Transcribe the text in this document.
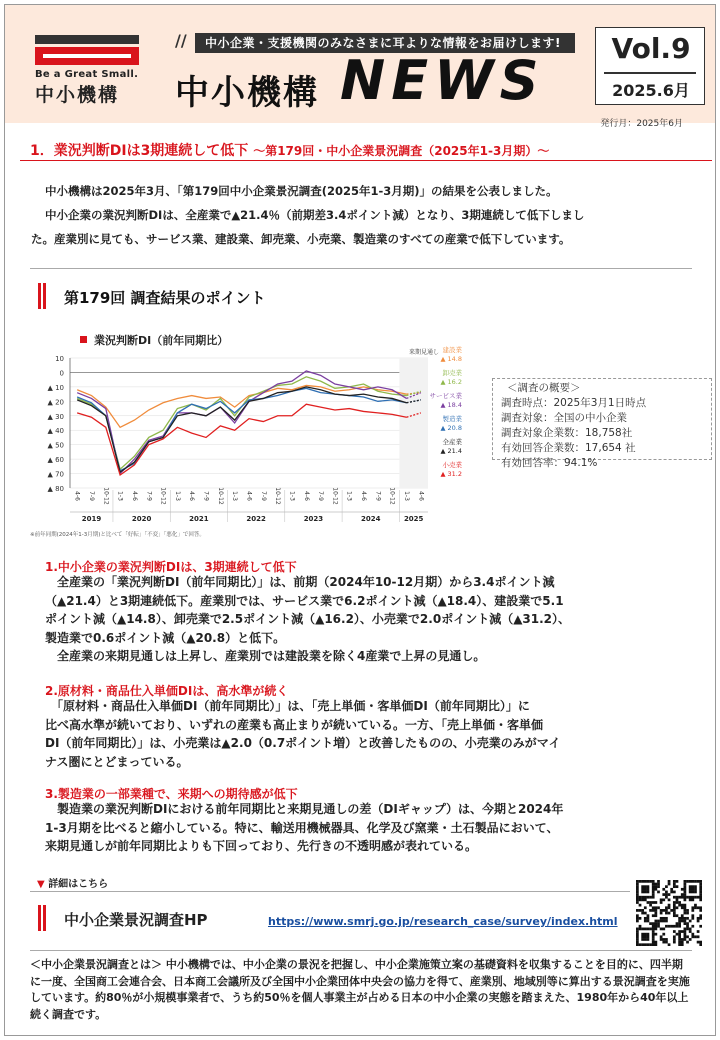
Be a Great Small.
中小機構
//	中小企業・支援機関のみなさまに耳よりな情報をお届けします!
中小機構 NEWS
Vol.9
2025.6月
発行月：2025年6月
1．業況判断DIは3期連続して低下 ～第179回・中小企業景況調査（2025年1-3月期）～
中小機構は2025年3月、「第179回中小企業景況調査(2025年1-3月期)」の結果を公表しました。
中小企業の業況判断DIは、全産業で▲21.4％（前期差3.4ポイント減）となり、3期連続して低下しまし
た。産業別に見ても、サービス業、建設業、卸売業、小売業、製造業のすべての産業で低下しています。
第179回 調査結果のポイント
業況判断DI（前年同期比）
10
0
▲ 10
▲ 20
▲ 30
▲ 40
▲ 50
▲ 60
▲ 70
▲ 80
4-6 7-9 10-12 1-3 4-6 7-9 10-12 1-3 4-6 7-9 10-12 1-3 4-6 7-9 10-12 1-3 4-6 7-9 10-12 1-3 4-6 7-9 10-12 1-3 4-6
2019	2020	2021	2022	2023	2024	2025
来期見通し 建設業
▲ 14.8
卸売業
▲ 16.2
サービス業
▲ 18.4
製造業
▲ 20.8
全産業
▲ 21.4
小売業
▲ 31.2
※前年同期(2024年1-3月期)と比べて「好転」「不変」「悪化」で回答。
＜調査の概要＞
調査時点：2025年3月1日時点
調査対象：全国の中小企業
調査対象企業数：18,758社
有効回答企業数：17,654 社
有効回答率：94.1%
1.中小企業の業況判断DIは、3期連続して低下
　全産業の「業況判断DI（前年同期比）」は、前期（2024年10-12月期）から3.4ポイント減
（▲21.4）と3期連続低下。産業別では、サービス業で6.2ポイント減（▲18.4）、建設業で5.1
ポイント減（▲14.8）、卸売業で2.5ポイント減（▲16.2）、小売業で2.0ポイント減（▲31.2）、
製造業で0.6ポイント減（▲20.8）と低下。
　全産業の来期見通しは上昇し、産業別では建設業を除く4産業で上昇の見通し。
2.原材料・商品仕入単価DIは、高水準が続く
　「原材料・商品仕入単価DI（前年同期比）」は、「売上単価・客単価DI（前年同期比）」に
比べ高水準が続いており、いずれの産業も高止まりが続いている。一方、「売上単価・客単価
DI（前年同期比）」は、小売業は▲2.0（0.7ポイント増）と改善したものの、小売業のみがマイ
ナス圏にとどまっている。
3.製造業の一部業種で、来期への期待感が低下
　製造業の業況判断DIにおける前年同期比と来期見通しの差（DIギャップ）は、今期と2024年
1-3月期を比べると縮小している。特に、輸送用機械器具、化学及び窯業・土石製品において、
来期見通しが前年同期比よりも下回っており、先行きの不透明感が表れている。
▼ 詳細はこちら
中小企業景況調査HP	https://www.smrj.go.jp/research_case/survey/index.html
＜中小企業景況調査とは＞ 中小機構では、中小企業の景況を把握し、中小企業施策立案の基礎資料を収集することを目的に、四半期に一度、全国商工会連合会、日本商工会議所及び全国中小企業団体中央会の協力を得て、産業別、地域別等に算出する景況調査を実施しています。約80％が小規模事業者で、うち約50％を個人事業主が占める日本の中小企業の実態を踏まえた、1980年から40年以上続く調査です。
